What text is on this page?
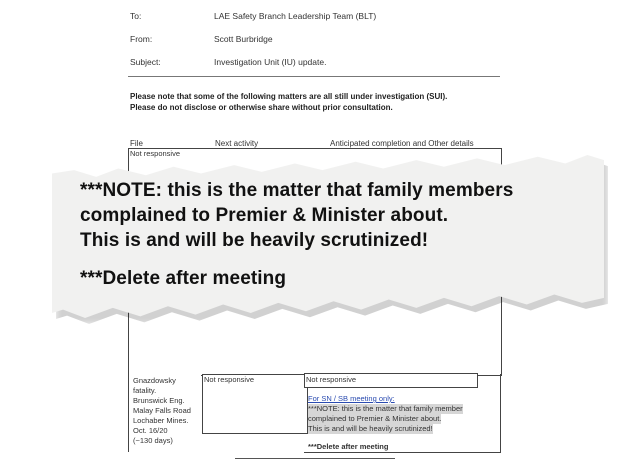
To:	LAE Safety Branch Leadership Team (BLT)
From:	Scott Burbridge
Subject:	Investigation Unit (IU) update.
Please note that some of the following matters are all still under investigation (SUI).
Please do not disclose or otherwise share without prior consultation.
File	Next activity	Anticipated completion and Other details
Not responsive
Gnazdowsky
fatality.
Brunswick Eng.
Malay Falls Road
Lochaber Mines.
Oct. 16/20
(~130 days)
Not responsive	Not responsive
For SN / SB meeting only:
***NOTE: this is the matter that family member
complained to Premier & Minister about.
This is and will be heavily scrutinized!
***Delete after meeting
***NOTE: this is the matter that family members
complained to Premier & Minister about.
This is and will be heavily scrutinized!
***Delete after meeting
